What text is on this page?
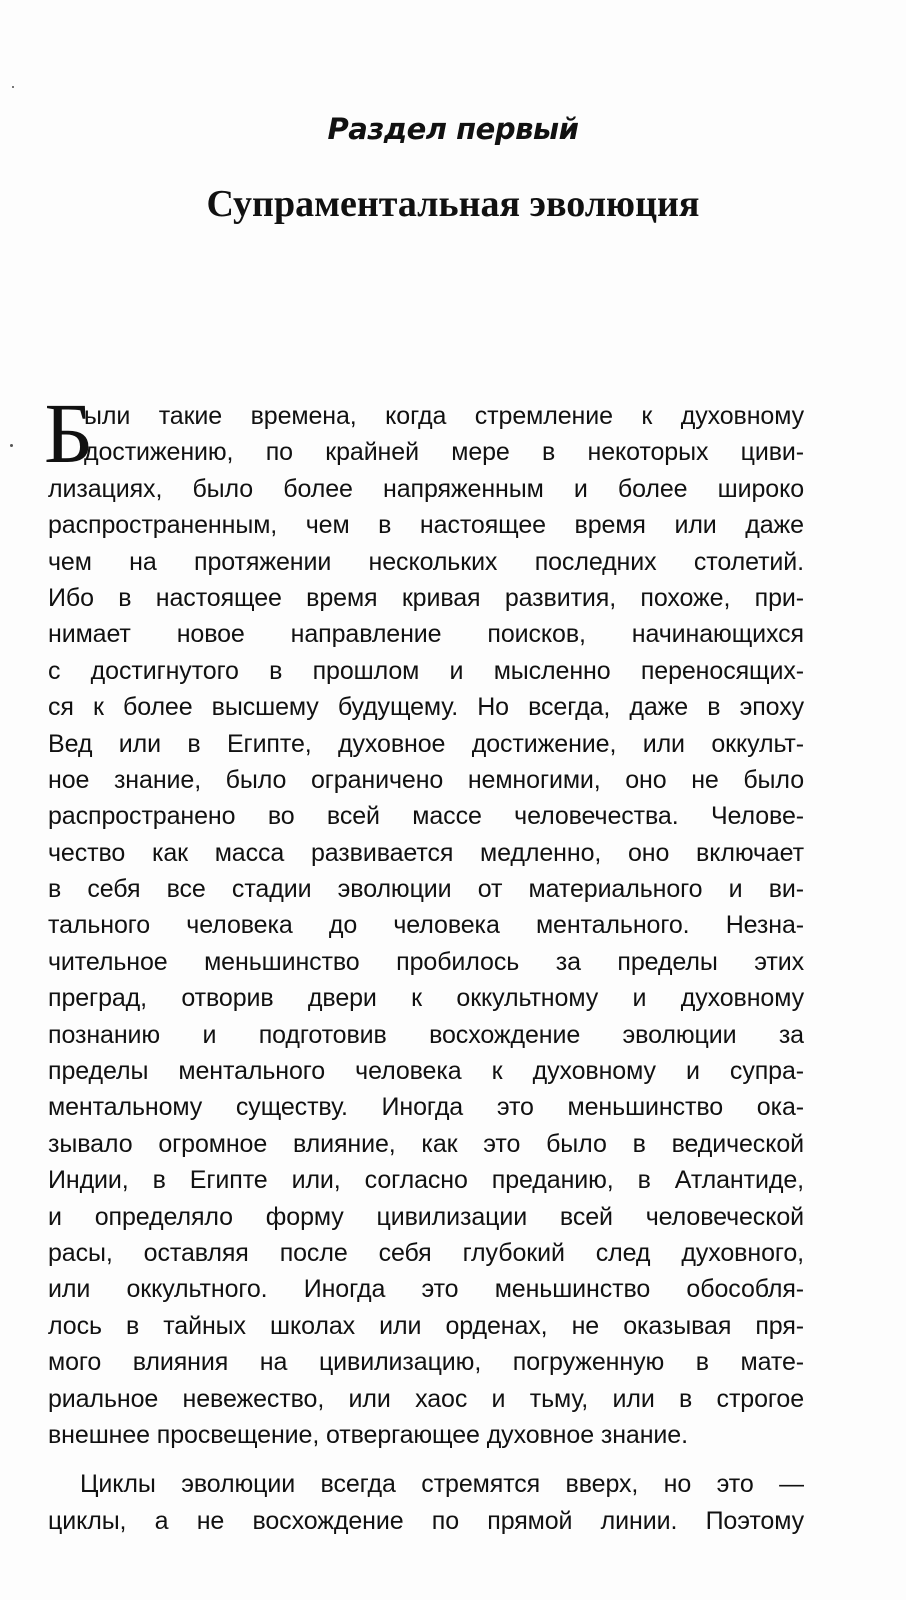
Раздел первый
Супраментальная эволюция
Б
ыли такие времена, когда стремление к духовному
достижению, по крайней мере в некоторых циви-
лизациях, было более напряженным и более широко
распространенным, чем в настоящее время или даже
чем на протяжении нескольких последних столетий.
Ибо в настоящее время кривая развития, похоже, при-
нимает новое направление поисков, начинающихся
с достигнутого в прошлом и мысленно переносящих-
ся к более высшему будущему. Но всегда, даже в эпоху
Вед или в Египте, духовное достижение, или оккульт-
ное знание, было ограничено немногими, оно не было
распространено во всей массе человечества. Челове-
чество как масса развивается медленно, оно включает
в себя все стадии эволюции от материального и ви-
тального человека до человека ментального. Незна-
чительное меньшинство пробилось за пределы этих
преград, отворив двери к оккультному и духовному
познанию и подготовив восхождение эволюции за
пределы ментального человека к духовному и супра-
ментальному существу. Иногда это меньшинство ока-
зывало огромное влияние, как это было в ведической
Индии, в Египте или, согласно преданию, в Атлантиде,
и определяло форму цивилизации всей человеческой
расы, оставляя после себя глубокий след духовного,
или оккультного. Иногда это меньшинство обособля-
лось в тайных школах или орденах, не оказывая пря-
мого влияния на цивилизацию, погруженную в мате-
риальное невежество, или хаос и тьму, или в строгое
внешнее просвещение, отвергающее духовное знание.
Циклы эволюции всегда стремятся вверх, но это —
циклы, а не восхождение по прямой линии. Поэтому
